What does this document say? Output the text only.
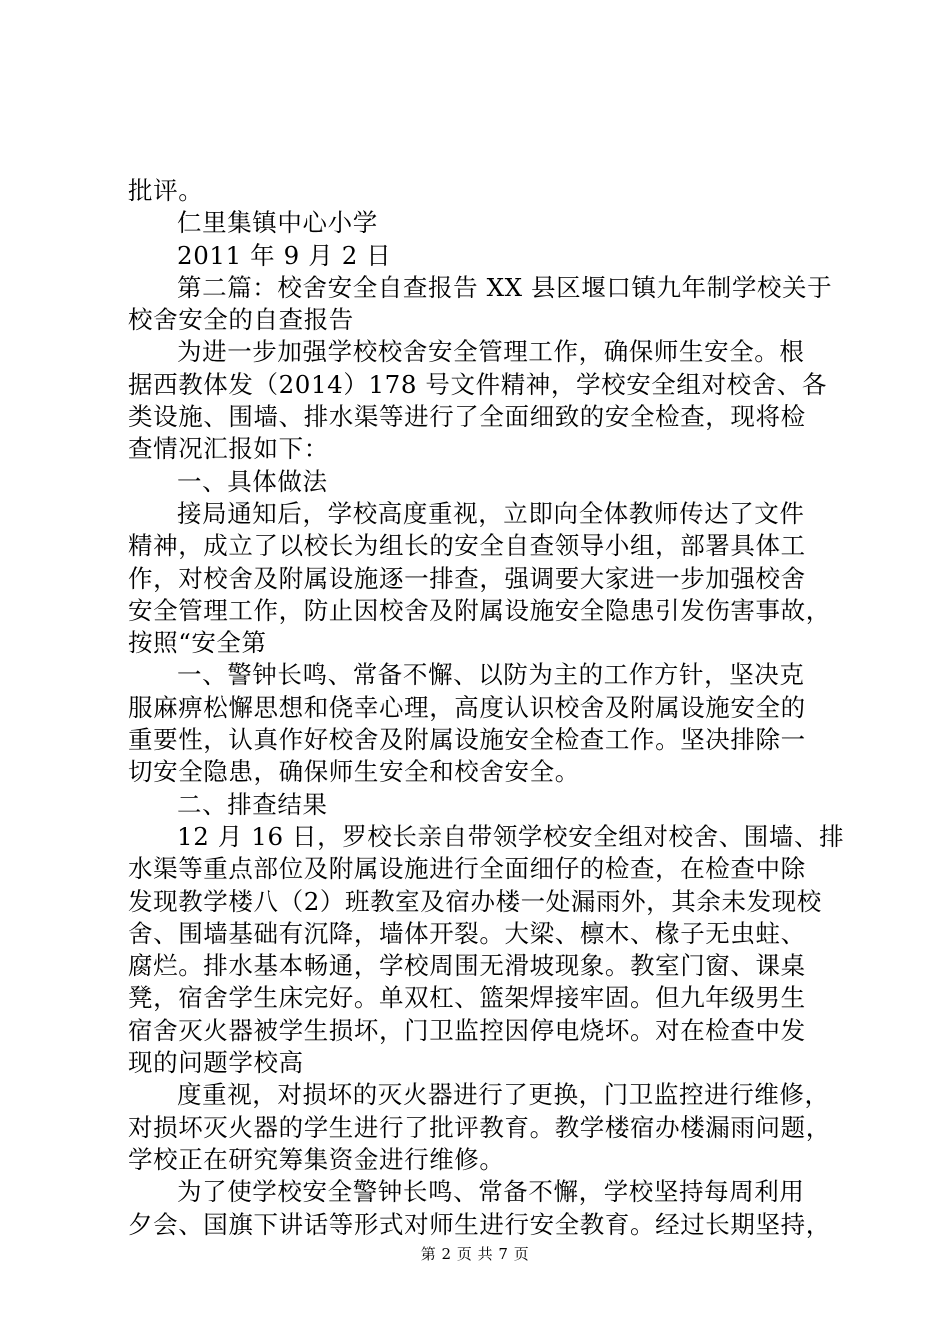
批评。
仁里集镇中心小学
2011 年 9 月 2 日
第二篇：校舍安全自查报告 XX 县区堰口镇九年制学校关于
校舍安全的自查报告
为进一步加强学校校舍安全管理工作，确保师生安全。根
据西教体发（2014）178 号文件精神，学校安全组对校舍、各
类设施、围墙、排水渠等进行了全面细致的安全检查，现将检
查情况汇报如下：
一、具体做法
接局通知后，学校高度重视，立即向全体教师传达了文件
精神，成立了以校长为组长的安全自查领导小组，部署具体工
作，对校舍及附属设施逐一排查，强调要大家进一步加强校舍
安全管理工作，防止因校舍及附属设施安全隐患引发伤害事故，
按照“安全第
一、警钟长鸣、常备不懈、以防为主的工作方针，坚决克
服麻痹松懈思想和侥幸心理，高度认识校舍及附属设施安全的
重要性，认真作好校舍及附属设施安全检查工作。坚决排除一
切安全隐患，确保师生安全和校舍安全。
二、排查结果
12 月 16 日，罗校长亲自带领学校安全组对校舍、围墙、排
水渠等重点部位及附属设施进行全面细仔的检查，在检查中除
发现教学楼八（2）班教室及宿办楼一处漏雨外，其余未发现校
舍、围墙基础有沉降，墙体开裂。大梁、檩木、椽子无虫蛀、
腐烂。排水基本畅通，学校周围无滑坡现象。教室门窗、课桌
凳，宿舍学生床完好。单双杠、篮架焊接牢固。但九年级男生
宿舍灭火器被学生损坏，门卫监控因停电烧坏。对在检查中发
现的问题学校高
度重视，对损坏的灭火器进行了更换，门卫监控进行维修，
对损坏灭火器的学生进行了批评教育。教学楼宿办楼漏雨问题，
学校正在研究筹集资金进行维修。
为了使学校安全警钟长鸣、常备不懈，学校坚持每周利用
夕会、国旗下讲话等形式对师生进行安全教育。经过长期坚持，
第 2 页 共 7 页
